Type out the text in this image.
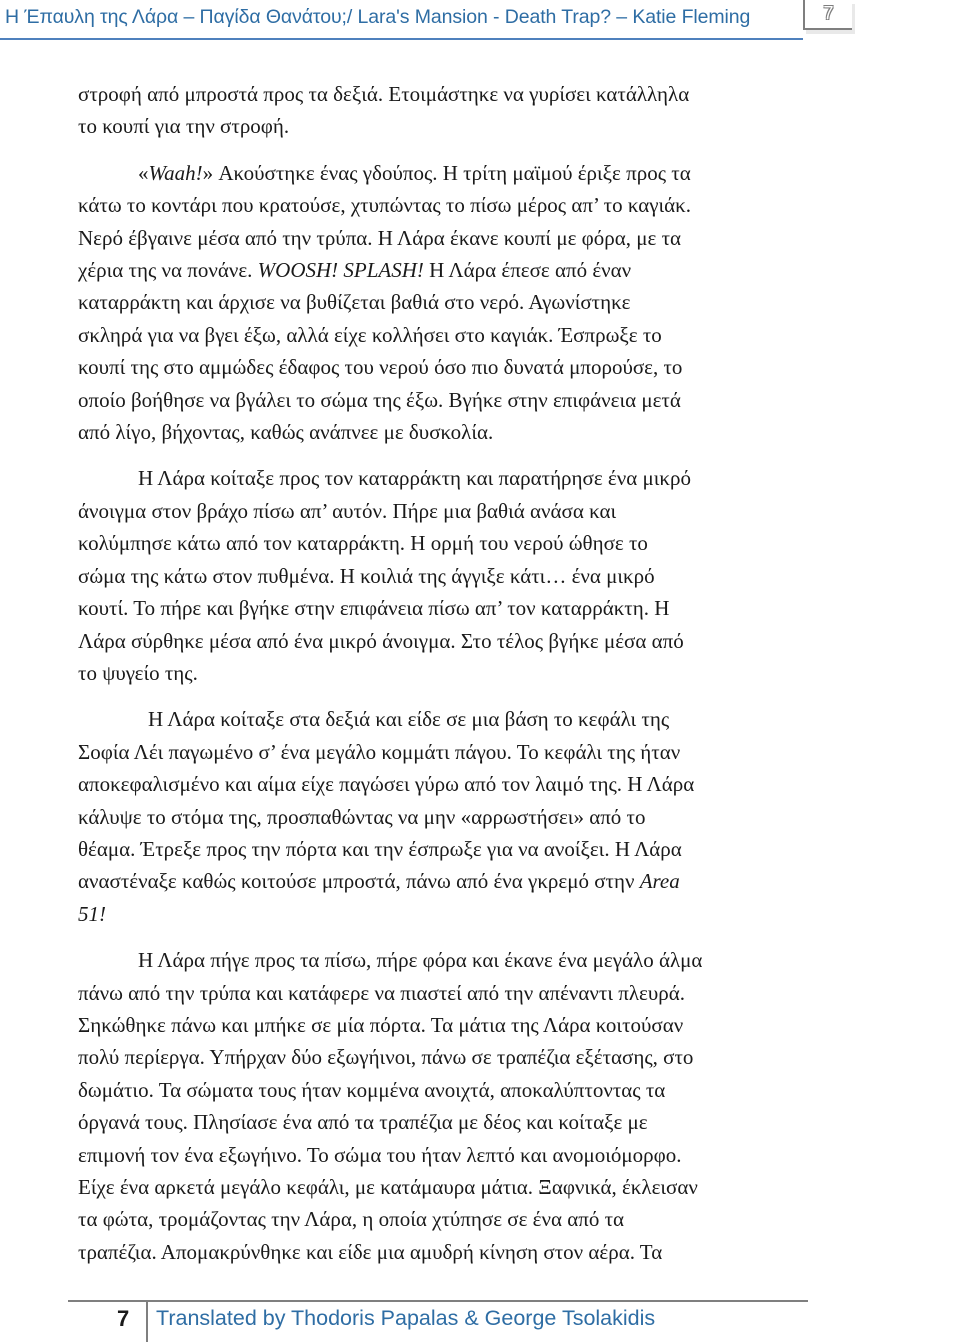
Η Έπαυλη της Λάρα – Παγίδα Θανάτου;/ Lara's Mansion - Death Trap? – Katie Fleming	7
στροφή από μπροστά προς τα δεξιά. Ετοιμάστηκε να γυρίσει κατάλληλα
το κουπί για την στροφή.
«Waah!» Ακούστηκε ένας γδούπος. Η τρίτη μαϊμού έριξε προς τα
κάτω το κοντάρι που κρατούσε, χτυπώντας το πίσω μέρος απ’ το καγιάκ.
Νερό έβγαινε μέσα από την τρύπα. Η Λάρα έκανε κουπί με φόρα, με τα
χέρια της να πονάνε. WOOSH! SPLASH! Η Λάρα έπεσε από έναν
καταρράκτη και άρχισε να βυθίζεται βαθιά στο νερό. Αγωνίστηκε
σκληρά για να βγει έξω, αλλά είχε κολλήσει στο καγιάκ. Έσπρωξε το
κουπί της στο αμμώδες έδαφος του νερού όσο πιο δυνατά μπορούσε, το
οποίο βοήθησε να βγάλει το σώμα της έξω. Βγήκε στην επιφάνεια μετά
από λίγο, βήχοντας, καθώς ανάπνεε με δυσκολία.
Η Λάρα κοίταξε προς τον καταρράκτη και παρατήρησε ένα μικρό
άνοιγμα στον βράχο πίσω απ’ αυτόν. Πήρε μια βαθιά ανάσα και
κολύμπησε κάτω από τον καταρράκτη. Η ορμή του νερού ώθησε το
σώμα της κάτω στον πυθμένα. Η κοιλιά της άγγιξε κάτι… ένα μικρό
κουτί. Το πήρε και βγήκε στην επιφάνεια πίσω απ’ τον καταρράκτη. Η
Λάρα σύρθηκε μέσα από ένα μικρό άνοιγμα. Στο τέλος βγήκε μέσα από
το ψυγείο της.
Η Λάρα κοίταξε στα δεξιά και είδε σε μια βάση το κεφάλι της
Σοφία Λέι παγωμένο σ’ ένα μεγάλο κομμάτι πάγου. Το κεφάλι της ήταν
αποκεφαλισμένο και αίμα είχε παγώσει γύρω από τον λαιμό της. Η Λάρα
κάλυψε το στόμα της, προσπαθώντας να μην «αρρωστήσει» από το
θέαμα. Έτρεξε προς την πόρτα και την έσπρωξε για να ανοίξει. Η Λάρα
αναστέναξε καθώς κοιτούσε μπροστά, πάνω από ένα γκρεμό στην Area
51!
Η Λάρα πήγε προς τα πίσω, πήρε φόρα και έκανε ένα μεγάλο άλμα
πάνω από την τρύπα και κατάφερε να πιαστεί από την απέναντι πλευρά.
Σηκώθηκε πάνω και μπήκε σε μία πόρτα. Τα μάτια της Λάρα κοιτούσαν
πολύ περίεργα. Υπήρχαν δύο εξωγήινοι, πάνω σε τραπέζια εξέτασης, στο
δωμάτιο. Τα σώματα τους ήταν κομμένα ανοιχτά, αποκαλύπτοντας τα
όργανά τους. Πλησίασε ένα από τα τραπέζια με δέος και κοίταξε με
επιμονή τον ένα εξωγήινο. Το σώμα του ήταν λεπτό και ανομοιόμορφο.
Είχε ένα αρκετά μεγάλο κεφάλι, με κατάμαυρα μάτια. Ξαφνικά, έκλεισαν
τα φώτα, τρομάζοντας την Λάρα, η οποία χτύπησε σε ένα από τα
τραπέζια. Απομακρύνθηκε και είδε μια αμυδρή κίνηση στον αέρα. Τα
7 Translated by Thodoris Papalas & George Tsolakidis
